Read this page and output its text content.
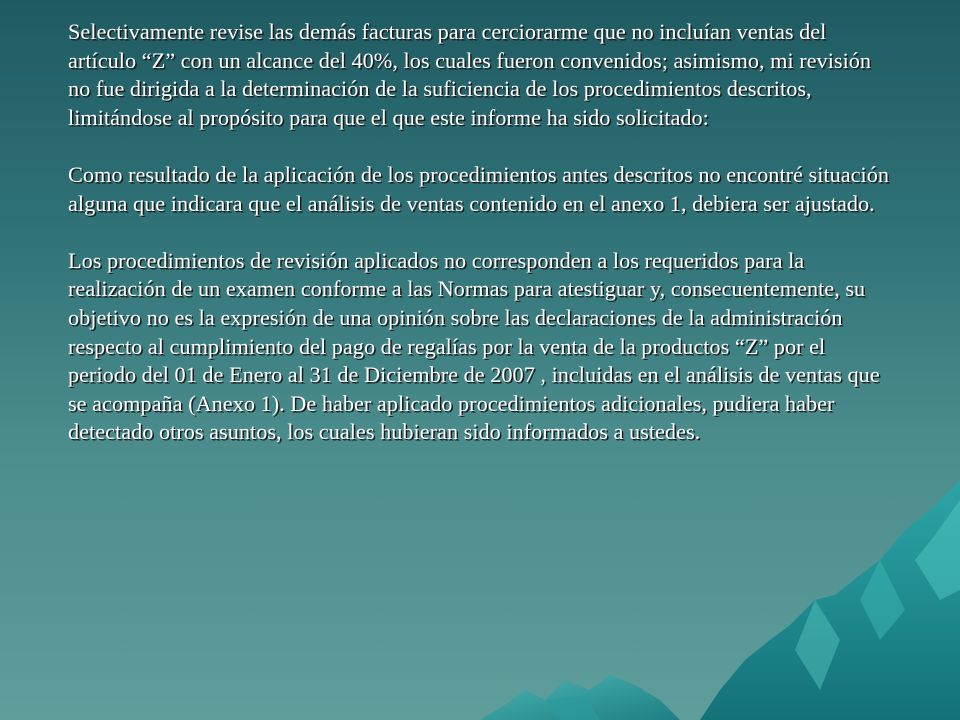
Selectivamente revise las demás facturas para cerciorarme que no incluían ventas del artículo “Z” con un alcance del 40%, los cuales fueron convenidos; asimismo, mi revisión no fue dirigida a la determinación de la suficiencia de los procedimientos descritos, limitándose al propósito para que el que este informe ha sido solicitado:

Como resultado de la aplicación de los procedimientos antes descritos no encontré situación alguna que indicara que el análisis de ventas contenido en el anexo 1, debiera ser ajustado.

Los procedimientos de revisión aplicados no corresponden a los requeridos para la realización de un examen conforme a las Normas para atestiguar y, consecuentemente, su objetivo no es la expresión de una opinión sobre las declaraciones de la administración respecto al cumplimiento del pago de regalías por la venta de la productos “Z” por el periodo del 01 de Enero al 31 de Diciembre de 2007 , incluidas en el análisis de ventas que se acompaña (Anexo 1). De haber aplicado procedimientos adicionales, pudiera haber detectado otros asuntos, los cuales hubieran sido informados a ustedes.
